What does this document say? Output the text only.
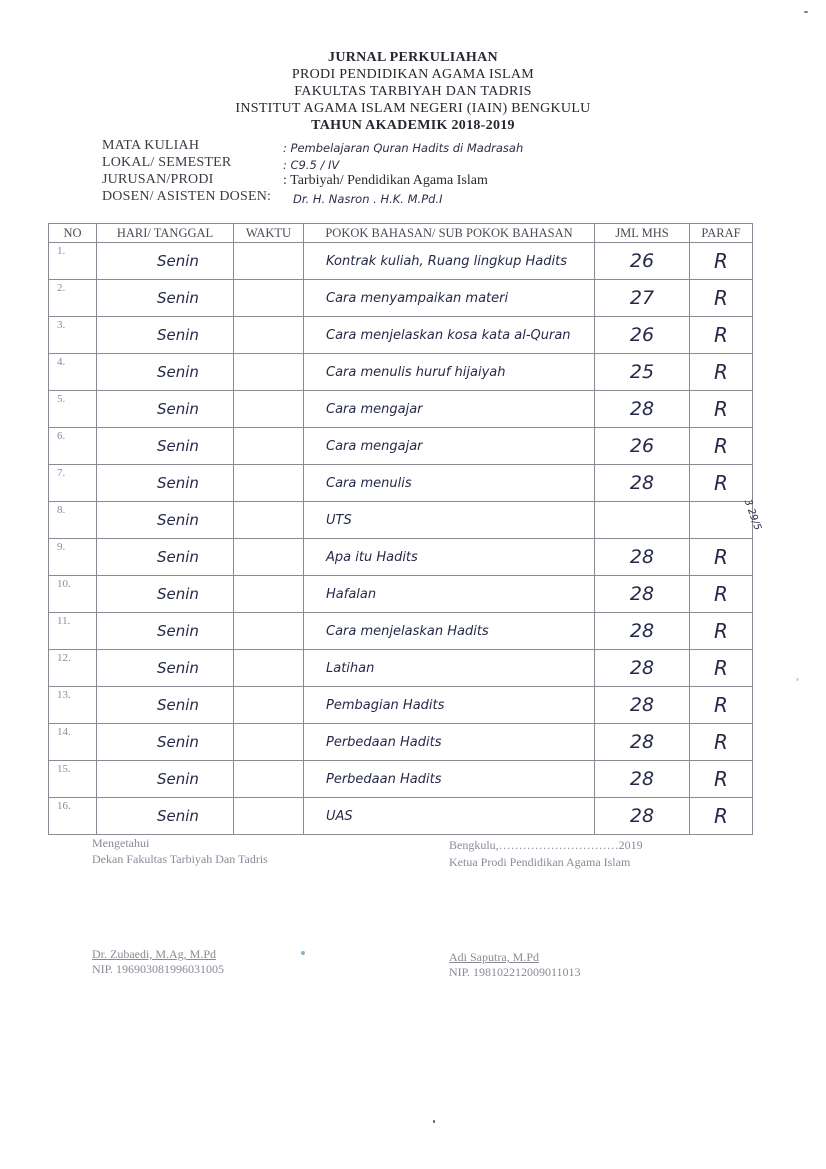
JURNAL PERKULIAHAN
PRODI PENDIDIKAN AGAMA ISLAM
FAKULTAS TARBIYAH DAN TADRIS
INSTITUT AGAMA ISLAM NEGERI (IAIN) BENGKULU
TAHUN AKADEMIK 2018-2019
MATA KULIAH	: Pembelajaran Quran Hadits di Madrasah
LOKAL/ SEMESTER	: C9.5 / IV
JURUSAN/PRODI	: Tarbiyah/ Pendidikan Agama Islam
DOSEN/ ASISTEN DOSEN: Dr. H. Nasron . H.K. M.Pd.I
NO	HARI/ TANGGAL	WAKTU	POKOK BAHASAN/ SUB POKOK BAHASAN	JML MHS	PARAF
1.	Senin		Kontrak kuliah, Ruang lingkup Hadits	26	R
2.	Senin		Cara menyampaikan materi	27	R
3.	Senin		Cara menjelaskan kosa kata al-Quran	26	R
4.	Senin		Cara menulis huruf hijaiyah	25	R
5.	Senin		Cara mengajar	28	R
6.	Senin		Cara mengajar	26	R
7.	Senin		Cara menulis	28	R
8.	Senin		UTS		
9.	Senin		Apa itu Hadits	28	R
10.	Senin		Hafalan	28	R
11.	Senin		Cara menjelaskan Hadits	28	R
12.	Senin		Latihan	28	R
13.	Senin		Pembagian Hadits	28	R
14.	Senin		Perbedaan Hadits	28	R
15.	Senin		Perbedaan Hadits	28	R
16.	Senin		UAS	28	R
3 29/5
Mengetahui
Dekan Fakultas Tarbiyah Dan Tadris
Dr. Zubaedi, M.Ag, M.Pd
NIP. 196903081996031005
Bengkulu,…………………………2019
Ketua Prodi Pendidikan Agama Islam
Adi Saputra, M.Pd
NIP. 198102212009011013
